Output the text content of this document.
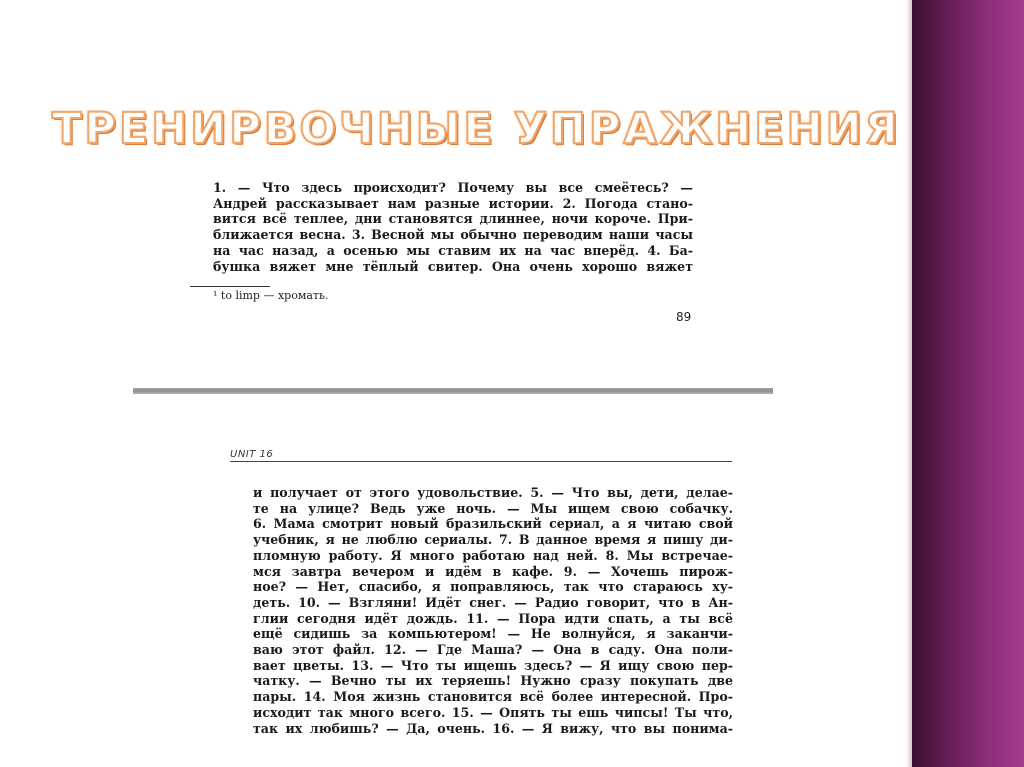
ТРЕНИРВОЧНЫЕ УПРАЖНЕНИЯ
1. — Что здесь происходит? Почему вы все смеётесь? —
Андрей рассказывает нам разные истории. 2. Погода стано-
вится всё теплее, дни становятся длиннее, ночи короче. При-
ближается весна. 3. Весной мы обычно переводим наши часы
на час назад, а осенью мы ставим их на час вперёд. 4. Ба-
бушка вяжет мне тёплый свитер. Она очень хорошо вяжет
¹ to limp — хромать.
89
UNIT 16
и получает от этого удовольствие. 5. — Что вы, дети, делае-
те на улице? Ведь уже ночь. — Мы ищем свою собачку.
6. Мама смотрит новый бразильский сериал, а я читаю свой
учебник, я не люблю сериалы. 7. В данное время я пишу ди-
пломную работу. Я много работаю над ней. 8. Мы встречае-
мся завтра вечером и идём в кафе. 9. — Хочешь пирож-
ное? — Нет, спасибо, я поправляюсь, так что стараюсь ху-
деть. 10. — Взгляни! Идёт снег. — Радио говорит, что в Ан-
глии сегодня идёт дождь. 11. — Пора идти спать, а ты всё
ещё сидишь за компьютером! — Не волнуйся, я заканчи-
ваю этот файл. 12. — Где Маша? — Она в саду. Она поли-
вает цветы. 13. — Что ты ищешь здесь? — Я ищу свою пер-
чатку. — Вечно ты их теряешь! Нужно сразу покупать две
пары. 14. Моя жизнь становится всё более интересной. Про-
исходит так много всего. 15. — Опять ты ешь чипсы! Ты что,
так их любишь? — Да, очень. 16. — Я вижу, что вы понима-
